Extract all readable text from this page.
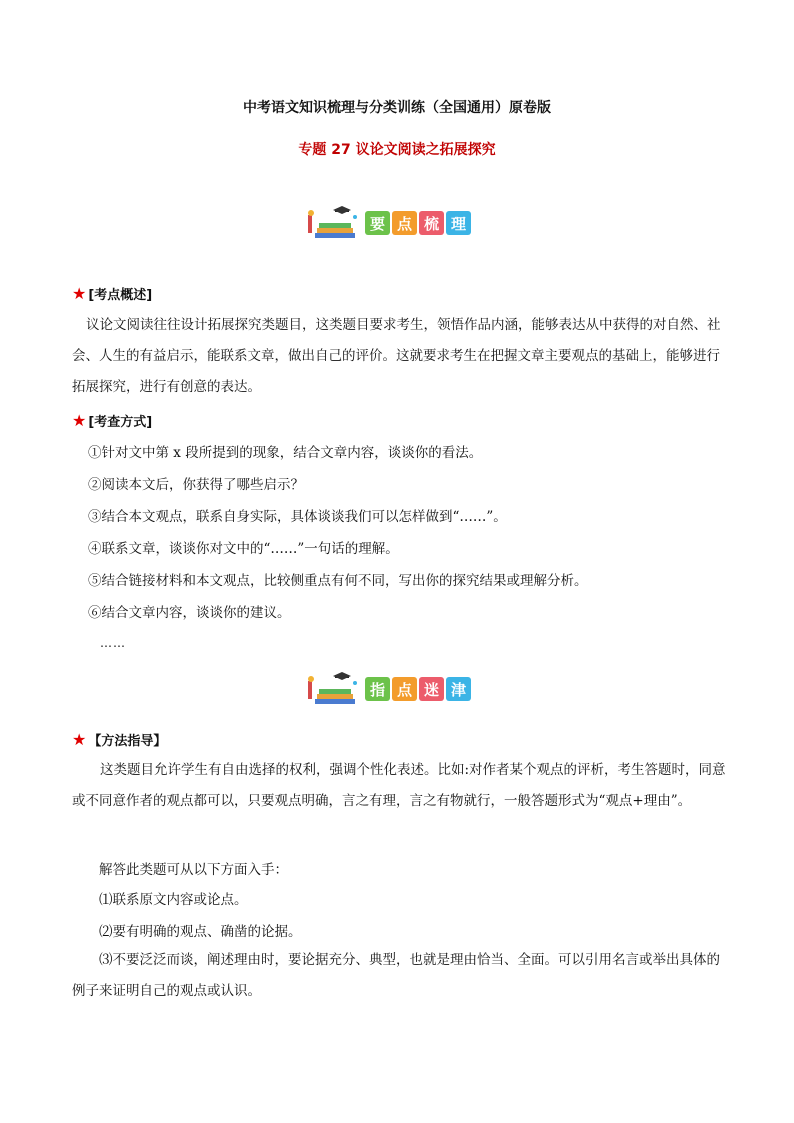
中考语文知识梳理与分类训练（全国通用）原卷版
专题 27 议论文阅读之拓展探究
要 点 梳 理
★ [考点概述]
议论文阅读往往设计拓展探究类题目，这类题目要求考生，领悟作品内涵，能够表达从中获得的对自然、社会、人生的有益启示，能联系文章，做出自己的评价。这就要求考生在把握文章主要观点的基础上，能够进行拓展探究，进行有创意的表达。
★ [考查方式]
①针对文中第 x 段所提到的现象，结合文章内容，谈谈你的看法。
②阅读本文后，你获得了哪些启示？
③结合本文观点，联系自身实际，具体谈谈我们可以怎样做到“……”。
④联系文章，谈谈你对文中的“……”一句话的理解。
⑤结合链接材料和本文观点，比较侧重点有何不同，写出你的探究结果或理解分析。
⑥结合文章内容，谈谈你的建议。
……
指 点 迷 津
★ 【方法指导】
这类题目允许学生有自由选择的权利，强调个性化表述。比如:对作者某个观点的评析，考生答题时，同意或不同意作者的观点都可以，只要观点明确，言之有理，言之有物就行，一般答题形式为“观点+理由”。
解答此类题可从以下方面入手：
⑴联系原文内容或论点。
⑵要有明确的观点、确凿的论据。
⑶不要泛泛而谈，阐述理由时，要论据充分、典型，也就是理由恰当、全面。可以引用名言或举出具体的例子来证明自己的观点或认识。
